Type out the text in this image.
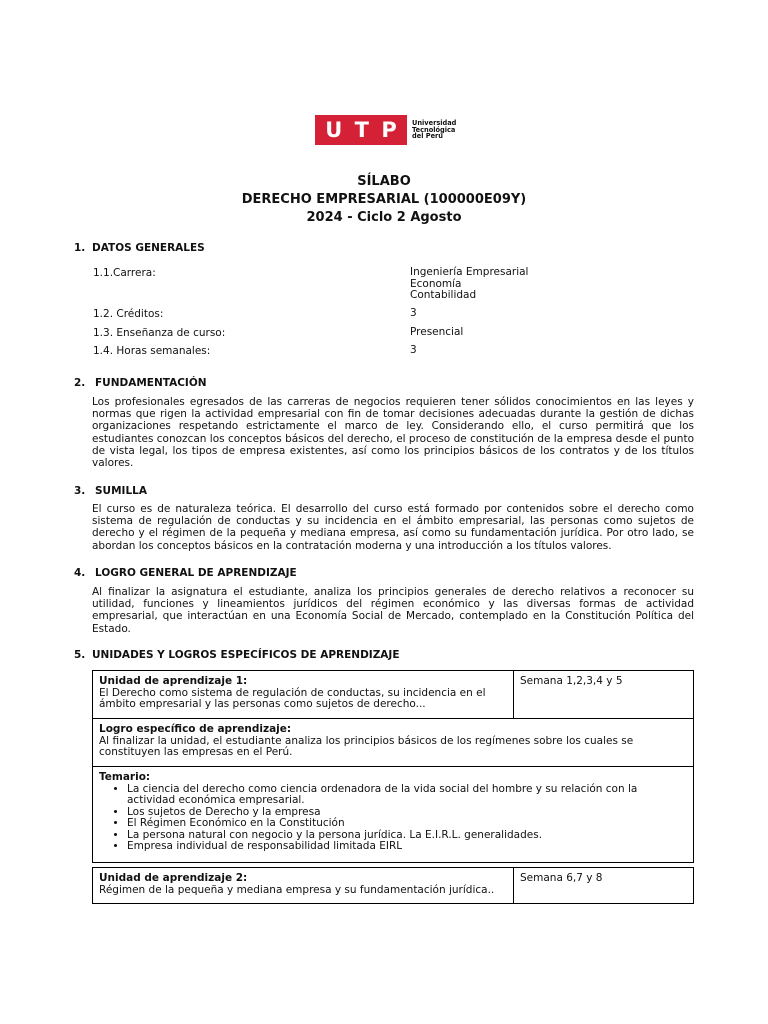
U T P Universidad
Tecnológica
del Perú
SÍLABO
DERECHO EMPRESARIAL (100000E09Y)
2024 - Ciclo 2 Agosto
1. DATOS GENERALES
1.1.Carrera:	Ingeniería Empresarial
Economía
Contabilidad
1.2. Créditos:	3
1.3. Enseñanza de curso:	Presencial
1.4. Horas semanales:	3
2. FUNDAMENTACIÓN

Los profesionales egresados de las carreras de negocios requieren tener sólidos conocimientos en las leyes y normas que rigen la actividad empresarial con fin de tomar decisiones adecuadas durante la gestión de dichas organizaciones respetando estrictamente el marco de ley. Considerando ello, el curso permitirá que los estudiantes conozcan los conceptos básicos del derecho, el proceso de constitución de la empresa desde el punto de vista legal, los tipos de empresa existentes, así como los principios básicos de los contratos y de los títulos valores.

3. SUMILLA

El curso es de naturaleza teórica. El desarrollo del curso está formado por contenidos sobre el derecho como sistema de regulación de conductas y su incidencia en el ámbito empresarial, las personas como sujetos de derecho y el régimen de la pequeña y mediana empresa, así como su fundamentación jurídica. Por otro lado, se abordan los conceptos básicos en la contratación moderna y una introducción a los títulos valores.

4. LOGRO GENERAL DE APRENDIZAJE

Al finalizar la asignatura el estudiante, analiza los principios generales de derecho relativos a reconocer su utilidad, funciones y lineamientos jurídicos del régimen económico y las diversas formas de actividad empresarial, que interactúan en una Economía Social de Mercado, contemplado en la Constitución Política del Estado.

5. UNIDADES Y LOGROS ESPECÍFICOS DE APRENDIZAJE
Unidad de aprendizaje 1:
El Derecho como sistema de regulación de conductas, su incidencia en el ámbito empresarial y las personas como sujetos de derecho...
Semana 1,2,3,4 y 5
Logro específico de aprendizaje:
Al finalizar la unidad, el estudiante analiza los principios básicos de los regímenes sobre los cuales se constituyen las empresas en el Perú.
Temario:
• La ciencia del derecho como ciencia ordenadora de la vida social del hombre y su relación con la actividad económica empresarial.
• Los sujetos de Derecho y la empresa
• El Régimen Económico en la Constitución
• La persona natural con negocio y la persona jurídica. La E.I.R.L. generalidades.
• Empresa individual de responsabilidad limitada EIRL
Unidad de aprendizaje 2:
Régimen de la pequeña y mediana empresa y su fundamentación jurídica..
Semana 6,7 y 8
